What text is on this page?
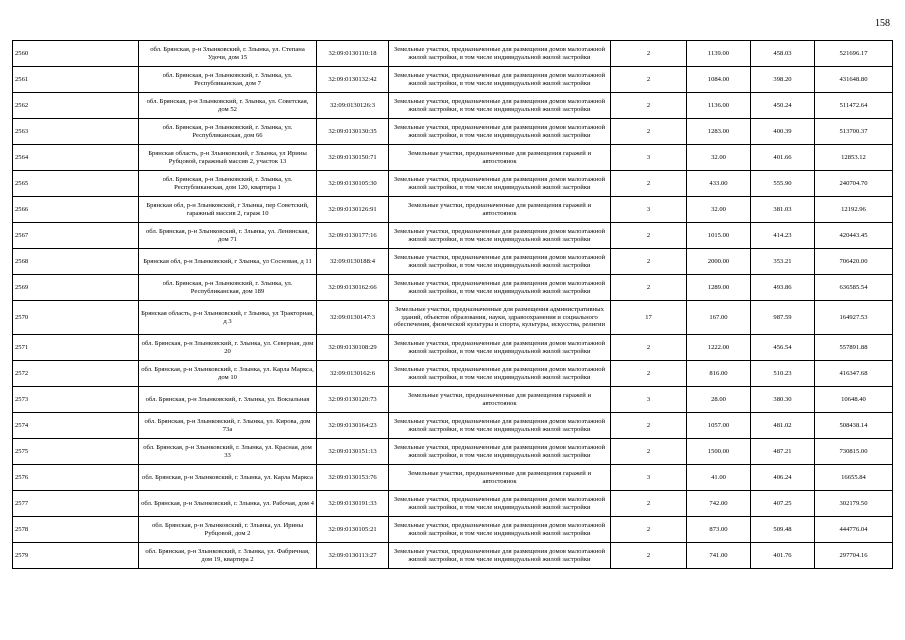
158
2560	обл. Брянская, р-н Злынковский, г. Злынка, ул. Степана Удочи, дом 15	32:09:0130110:18	Земельные участки, предназначенные для размещения домов малоэтажной жилой застройки, в том числе индивидуальной жилой застройки	2	1139.00	458.03	521696.17
2561	обл. Брянская, р-н Злынковский, г. Злынка, ул. Республиканская, дом 7	32:09:0130132:42	Земельные участки, предназначенные для размещения домов малоэтажной жилой застройки, в том числе индивидуальной жилой застройки	2	1084.00	398.20	431648.80
2562	обл. Брянская, р-н Злынковский, г. Злынка, ул. Советская, дом 52	32:09:0130126:3	Земельные участки, предназначенные для размещения домов малоэтажной жилой застройки, в том числе индивидуальной жилой застройки	2	1136.00	450.24	511472.64
2563	обл. Брянская, р-н Злынковский, г. Злынка, ул. Республиканская, дом 66	32:09:0130130:35	Земельные участки, предназначенные для размещения домов малоэтажной жилой застройки, в том числе индивидуальной жилой застройки	2	1283.00	400.39	513700.37
2564	Брянская область, р-н Злынковский, г Злынка, ул Ирины Рубцовой, гаражный массив 2, участок 13	32:09:0130150:71	Земельные участки, предназначенные для размещения гаражей и автостоянок	3	32.00	401.66	12853.12
2565	обл. Брянская, р-н Злынковский, г. Злынка, ул. Республиканская, дом 120, квартира 1	32:09:0130105:30	Земельные участки, предназначенные для размещения домов малоэтажной жилой застройки, в том числе индивидуальной жилой застройки	2	433.00	555.90	240704.70
2566	Брянская обл, р-н Злынковский, г Злынка, пер Советский, гаражный массив 2, гараж 10	32:09:0130126:91	Земельные участки, предназначенные для размещения гаражей и автостоянок	3	32.00	381.03	12192.96
2567	обл. Брянская, р-н Злынковский, г. Злынка, ул. Ленинская, дом 71	32:09:0130177:16	Земельные участки, предназначенные для размещения домов малоэтажной жилой застройки, в том числе индивидуальной жилой застройки	2	1015.00	414.23	420443.45
2568	Брянская обл, р-н Злынковский, г Злынка, ул Сосновая, д 11	32:09:0130188:4	Земельные участки, предназначенные для размещения домов малоэтажной жилой застройки, в том числе индивидуальной жилой застройки	2	2000.00	353.21	706420.00
2569	обл. Брянская, р-н Злынковский, г. Злынка, ул. Республиканская, дом 189	32:09:0130162:66	Земельные участки, предназначенные для размещения домов малоэтажной жилой застройки, в том числе индивидуальной жилой застройки	2	1289.00	493.86	636585.54
2570	Брянская область, р-н Злынковский, г Злынка, ул Тракторная, д 3	32:09:0130147:3	Земельные участки, предназначенные для размещения административных зданий, объектов образования, науки, здравоохранения и социального обеспечения, физической культуры и спорта, культуры, искусства, религии	17	167.00	987.59	164927.53
2571	обл. Брянская, р-н Злынковский, г. Злынка, ул. Северная, дом 20	32:09:0130108:29	Земельные участки, предназначенные для размещения домов малоэтажной жилой застройки, в том числе индивидуальной жилой застройки	2	1222.00	456.54	557891.88
2572	обл. Брянская, р-н Злынковский, г. Злынка, ул. Карла Маркса, дом 10	32:09:0130162:6	Земельные участки, предназначенные для размещения домов малоэтажной жилой застройки, в том числе индивидуальной жилой застройки	2	816.00	510.23	416347.68
2573	обл. Брянская, р-н Злынковский, г. Злынка, ул. Вокзальная	32:09:0130120:73	Земельные участки, предназначенные для размещения гаражей и автостоянок	3	28.00	380.30	10648.40
2574	обл. Брянская, р-н Злынковский, г. Злынка, ул. Кирова, дом 73а	32:09:0130164:23	Земельные участки, предназначенные для размещения домов малоэтажной жилой застройки, в том числе индивидуальной жилой застройки	2	1057.00	481.02	508438.14
2575	обл. Брянская, р-н Злынковский, г. Злынка, ул. Красная, дом 33	32:09:0130151:13	Земельные участки, предназначенные для размещения домов малоэтажной жилой застройки, в том числе индивидуальной жилой застройки	2	1500.00	487.21	730815.00
2576	обл. Брянская, р-н Злынковский, г. Злынка, ул. Карла Маркса	32:09:0130153:76	Земельные участки, предназначенные для размещения гаражей и автостоянок	3	41.00	406.24	16655.84
2577	обл. Брянская, р-н Злынковский, г. Злынка, ул. Рабочая, дом 4	32:09:0130191:33	Земельные участки, предназначенные для размещения домов малоэтажной жилой застройки, в том числе индивидуальной жилой застройки	2	742.00	407.25	302179.50
2578	обл. Брянская, р-н Злынковский, г. Злынка, ул. Ирины Рубцовой, дом 2	32:09:0130105:21	Земельные участки, предназначенные для размещения домов малоэтажной жилой застройки, в том числе индивидуальной жилой застройки	2	873.00	509.48	444776.04
2579	обл. Брянская, р-н Злынковский, г. Злынка, ул. Фабричная, дом 19, квартира 2	32:09:0130113:27	Земельные участки, предназначенные для размещения домов малоэтажной жилой застройки, в том числе индивидуальной жилой застройки	2	741.00	401.76	297704.16
